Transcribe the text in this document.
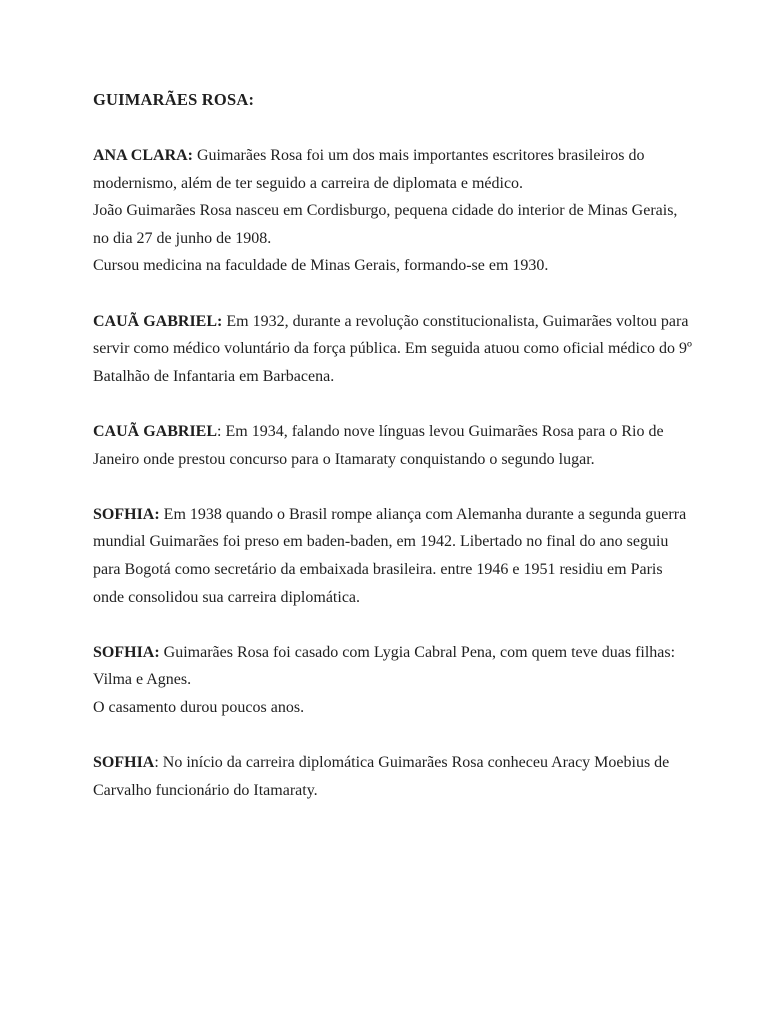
GUIMARÃES ROSA:
ANA CLARA: Guimarães Rosa foi um dos mais importantes escritores brasileiros do modernismo, além de ter seguido a carreira de diplomata e médico.
João Guimarães Rosa nasceu em Cordisburgo, pequena cidade do interior de Minas Gerais, no dia 27 de junho de 1908.
Cursou medicina na faculdade de Minas Gerais, formando-se em 1930.
CAUÃ GABRIEL: Em 1932, durante a revolução constitucionalista, Guimarães voltou para servir como médico voluntário da força pública. Em seguida atuou como oficial médico do 9º Batalhão de Infantaria em Barbacena.
CAUÃ GABRIEL: Em 1934, falando nove línguas levou Guimarães Rosa para o Rio de Janeiro onde prestou concurso para o Itamaraty conquistando o segundo lugar.
SOFHIA: Em 1938 quando o Brasil rompe aliança com Alemanha durante a segunda guerra mundial Guimarães foi preso em baden-baden, em 1942. Libertado no final do ano seguiu para Bogotá como secretário da embaixada brasileira. entre 1946 e 1951 residiu em Paris onde consolidou sua carreira diplomática.
SOFHIA: Guimarães Rosa foi casado com Lygia Cabral Pena, com quem teve duas filhas: Vilma e Agnes.
O casamento durou poucos anos.
SOFHIA: No início da carreira diplomática Guimarães Rosa conheceu Aracy Moebius de Carvalho funcionário do Itamaraty.
